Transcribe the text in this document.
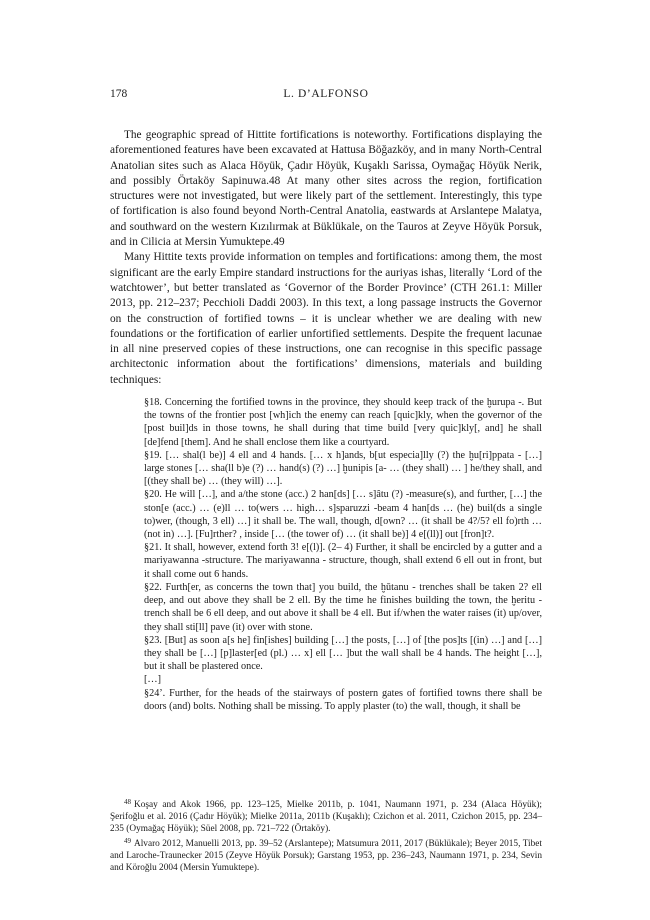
178	L. D’ALFONSO

The geographic spread of Hittite fortifications is noteworthy. Fortifications displaying the aforementioned features have been excavated at Hattusa Böğazköy, and in many North-Central Anatolian sites such as Alaca Höyük, Çadır Höyük, Kuşaklı Sarissa, Oymağaç Höyük Nerik, and possibly Örtaköy Sapinuwa.48 At many other sites across the region, fortification structures were not investigated, but were likely part of the settlement. Interestingly, this type of fortification is also found beyond North-Central Anatolia, eastwards at Arslantepe Malatya, and southward on the western Kızılırmak at Büklükale, on the Tauros at Zeyve Höyük Porsuk, and in Cilicia at Mersin Yumuktepe.49

Many Hittite texts provide information on temples and fortifications: among them, the most significant are the early Empire standard instructions for the auriyas ishas, literally ‘Lord of the watchtower’, but better translated as ‘Governor of the Border Province’ (CTH 261.1: Miller 2013, pp. 212–237; Pecchioli Daddi 2003). In this text, a long passage instructs the Governor on the construction of fortified towns – it is unclear whether we are dealing with new foundations or the fortification of earlier unfortified settlements. Despite the frequent lacunae in all nine preserved copies of these instructions, one can recognise in this specific passage architectonic information about the fortifications’ dimensions, materials and building techniques:

§18. Concerning the fortified towns in the province, they should keep track of the ḫurupa -. But the towns of the frontier post [wh]ich the enemy can reach [quic]kly, when the governor of the [post buil]ds in those towns, he shall during that time build [very quic]kly[, and] he shall [de]fend [them]. And he shall enclose them like a courtyard.

§19. [… shal(l be)] 4 ell and 4 hands. [… x h]ands, b[ut especia]lly (?) the ḫu[ri]ppata - […] large stones [… sha(ll b)e (?) … hand(s) (?) …] ḫunipis [a- … (they shall) … ] he/they shall, and [(they shall be) … (they will) …].

§20. He will […], and a/the stone (acc.) 2 han[ds] [… s]âtu (?) -measure(s), and further, […] the ston[e (acc.) … (e)ll … to(wers … high… s]sparuzzi -beam 4 han[ds … (he) buil(ds a single to)wer, (though, 3 ell) …] it shall be. The wall, though, d[own? … (it shall be 4?/5? ell fo)rth … (not in) …]. [Fu]rther? , inside [… (the tower of) … (it shall be)] 4 e[(ll)] out [fron]t?.

§21. It shall, however, extend forth 3! e[(l)]. (2– 4) Further, it shall be encircled by a gutter and a mariyawanna -structure. The mariyawanna - structure, though, shall extend 6 ell out in front, but it shall come out 6 hands.

§22. Furth[er, as concerns the town that] you build, the ḫūtanu - trenches shall be taken 2? ell deep, and out above they shall be 2 ell. By the time he finishes building the town, the ḫeritu -trench shall be 6 ell deep, and out above it shall be 4 ell. But if/when the water raises (it) up/over, they shall sti[ll] pave (it) over with stone.

§23. [But] as soon a[s he] fin[ishes] building […] the posts, […] of [the pos]ts [(in) …] and […] they shall be […] [p]laster[ed (pl.) … x] ell [… ]but the wall shall be 4 hands. The height […], but it shall be plastered once.

[…]

§24’. Further, for the heads of the stairways of postern gates of fortified towns there shall be doors (and) bolts. Nothing shall be missing. To apply plaster (to) the wall, though, it shall be

$^{48}$ Koşay and Akok 1966, pp. 123–125, Mielke 2011b, p. 1041, Naumann 1971, p. 234 (Alaca Höyük); Şerifoğlu et al. 2016 (Çadır Höyük); Mielke 2011a, 2011b (Kuşaklı); Czichon et al. 2011, Czichon 2015, pp. 234–235 (Oymağaç Höyük); Süel 2008, pp. 721–722 (Örtaköy).

$^{49}$ Alvaro 2012, Manuelli 2013, pp. 39–52 (Arslantepe); Matsumura 2011, 2017 (Büklükale); Beyer 2015, Tibet and Laroche-Traunecker 2015 (Zeyve Höyük Porsuk); Garstang 1953, pp. 236–243, Naumann 1971, p. 234, Sevin and Köroğlu 2004 (Mersin Yumuktepe).
